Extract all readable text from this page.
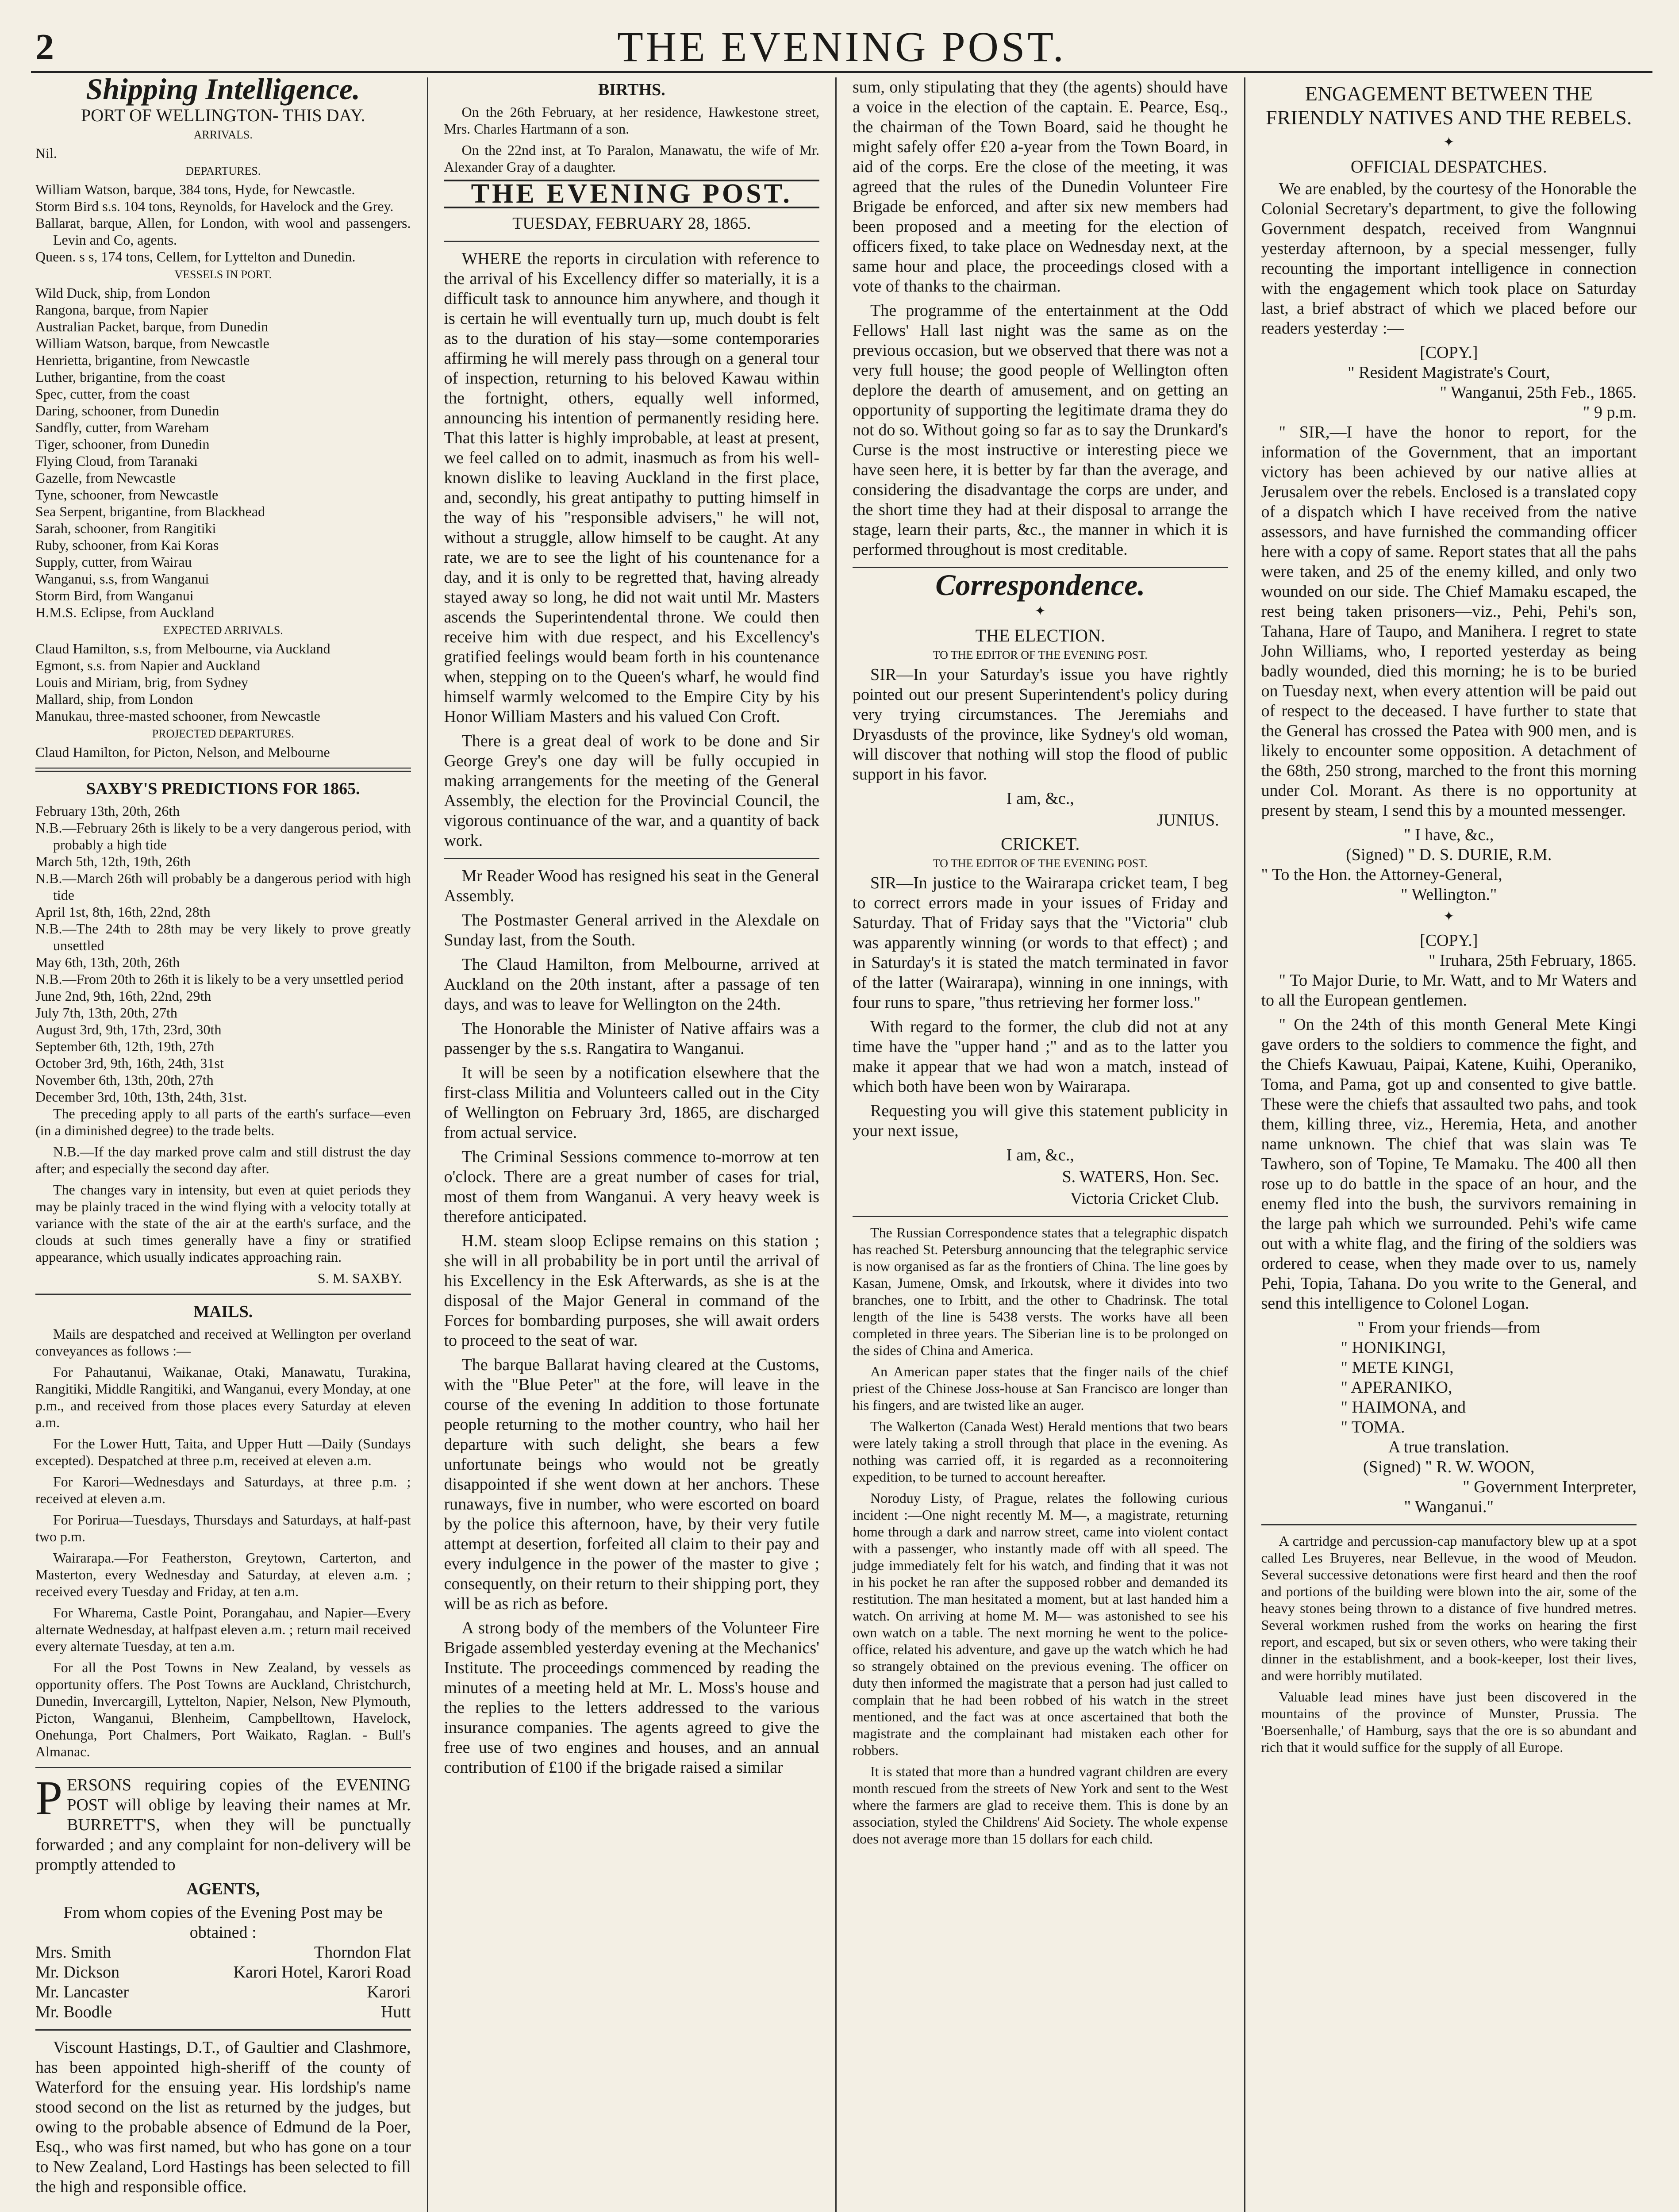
2	THE EVENING POST.
Shipping Intelligence.
PORT OF WELLINGTON- THIS DAY.
ARRIVALS.
Nil.
DEPARTURES.
William Watson, barque, 384 tons, Hyde, for Newcastle.
Storm Bird s.s. 104 tons, Reynolds, for Havelock and the Grey.
Ballarat, barque, Allen, for London, with wool and passengers. Levin and Co, agents.
Queen. s s, 174 tons, Cellem, for Lyttelton and Dunedin.
VESSELS IN PORT.
Wild Duck, ship, from London
Rangona, barque, from Napier
Australian Packet, barque, from Dunedin
William Watson, barque, from Newcastle
Henrietta, brigantine, from Newcastle
Luther, brigantine, from the coast
Spec, cutter, from the coast
Daring, schooner, from Dunedin
Sandfly, cutter, from Wareham
Tiger, schooner, from Dunedin
Flying Cloud, from Taranaki
Gazelle, from Newcastle
Tyne, schooner, from Newcastle
Sea Serpent, brigantine, from Blackhead
Sarah, schooner, from Rangitiki
Ruby, schooner, from Kai Koras
Supply, cutter, from Wairau
Wanganui, s.s, from Wanganui
Storm Bird, from Wanganui
H.M.S. Eclipse, from Auckland
EXPECTED ARRIVALS.
Claud Hamilton, s.s, from Melbourne, via Auckland
Egmont, s.s. from Napier and Auckland
Louis and Miriam, brig, from Sydney
Mallard, ship, from London
Manukau, three-masted schooner, from Newcastle
PROJECTED DEPARTURES.
Claud Hamilton, for Picton, Nelson, and Melbourne
SAXBY'S PREDICTIONS FOR 1865.
February 13th, 20th, 26th
N.B.—February 26th is likely to be a very dangerous period, with probably a high tide
March 5th, 12th, 19th, 26th
N.B.—March 26th will probably be a dangerous period with high tide
April 1st, 8th, 16th, 22nd, 28th
N.B.—The 24th to 28th may be very likely to prove greatly unsettled
May 6th, 13th, 20th, 26th
N.B.—From 20th to 26th it is likely to be a very unsettled period
June 2nd, 9th, 16th, 22nd, 29th
July 7th, 13th, 20th, 27th
August 3rd, 9th, 17th, 23rd, 30th
September 6th, 12th, 19th, 27th
October 3rd, 9th, 16th, 24th, 31st
November 6th, 13th, 20th, 27th
December 3rd, 10th, 13th, 24th, 31st.

The preceding apply to all parts of the earth's surface—even (in a diminished degree) to the trade belts.

N.B.—If the day marked prove calm and still distrust the day after; and especially the second day after.

The changes vary in intensity, but even at quiet periods they may be plainly traced in the wind flying with a velocity totally at variance with the state of the air at the earth's surface, and the clouds at such times generally have a finy or stratified appearance, which usually indicates approaching rain.

S. M. SAXBY.
MAILS.

Mails are despatched and received at Wellington per overland conveyances as follows :—

For Pahautanui, Waikanae, Otaki, Manawatu, Turakina, Rangitiki, Middle Rangitiki, and Wanganui, every Monday, at one p.m., and received from those places every Saturday at eleven a.m.

For the Lower Hutt, Taita, and Upper Hutt —Daily (Sundays excepted). Despatched at three p.m, received at eleven a.m.

For Karori—Wednesdays and Saturdays, at three p.m. ; received at eleven a.m.

For Porirua—Tuesdays, Thursdays and Saturdays, at half-past two p.m.

Wairarapa.—For Featherston, Greytown, Carterton, and Masterton, every Wednesday and Saturday, at eleven a.m. ; received every Tuesday and Friday, at ten a.m.

For Wharema, Castle Point, Porangahau, and Napier—Every alternate Wednesday, at halfpast eleven a.m. ; return mail received every alternate Tuesday, at ten a.m.

For all the Post Towns in New Zealand, by vessels as opportunity offers. The Post Towns are Auckland, Christchurch, Dunedin, Invercargill, Lyttelton, Napier, Nelson, New Plymouth, Picton, Wanganui, Blenheim, Campbelltown, Havelock, Onehunga, Port Chalmers, Port Waikato, Raglan. - Bull's Almanac.

PERSONS requiring copies of the EVENING POST will oblige by leaving their names at Mr. BURRETT'S, when they will be punctually forwarded ; and any complaint for non-delivery will be promptly attended to

AGENTS,
From whom copies of the Evening Post may be obtained :
Mrs. Smith	Thorndon Flat
Mr. Dickson	Karori Hotel, Karori Road
Mr. Lancaster	Karori
Mr. Boodle	Hutt

Viscount Hastings, D.T., of Gaultier and Clashmore, has been appointed high-sheriff of the county of Waterford for the ensuing year. His lordship's name stood second on the list as returned by the judges, but owing to the probable absence of Edmund de la Poer, Esq., who was first named, but who has gone on a tour to New Zealand, Lord Hastings has been selected to fill the high and responsible office.

BIRTHS.

On the 26th February, at her residence, Hawkestone street, Mrs. Charles Hartmann of a son.

On the 22nd inst, at To Paralon, Manawatu, the wife of Mr. Alexander Gray of a daughter.

THE EVENING POST.
TUESDAY, FEBRUARY 28, 1865.

WHERE the reports in circulation with reference to the arrival of his Excellency differ so materially, it is a difficult task to announce him anywhere, and though it is certain he will eventually turn up, much doubt is felt as to the duration of his stay—some contemporaries affirming he will merely pass through on a general tour of inspection, returning to his beloved Kawau within the fortnight, others, equally well informed, announcing his intention of permanently residing here. That this latter is highly improbable, at least at present, we feel called on to admit, inasmuch as from his well-known dislike to leaving Auckland in the first place, and, secondly, his great antipathy to putting himself in the way of his "responsible advisers," he will not, without a struggle, allow himself to be caught. At any rate, we are to see the light of his countenance for a day, and it is only to be regretted that, having already stayed away so long, he did not wait until Mr. Masters ascends the Superintendental throne. We could then receive him with due respect, and his Excellency's gratified feelings would beam forth in his countenance when, stepping on to the Queen's wharf, he would find himself warmly welcomed to the Empire City by his Honor William Masters and his valued Con Croft.

There is a great deal of work to be done and Sir George Grey's one day will be fully occupied in making arrangements for the meeting of the General Assembly, the election for the Provincial Council, the vigorous continuance of the war, and a quantity of back work.

Mr Reader Wood has resigned his seat in the General Assembly.

The Postmaster General arrived in the Alexdale on Sunday last, from the South.

The Claud Hamilton, from Melbourne, arrived at Auckland on the 20th instant, after a passage of ten days, and was to leave for Wellington on the 24th.

The Honorable the Minister of Native affairs was a passenger by the s.s. Rangatira to Wanganui.

It will be seen by a notification elsewhere that the first-class Militia and Volunteers called out in the City of Wellington on February 3rd, 1865, are discharged from actual service.

The Criminal Sessions commence to-morrow at ten o'clock. There are a great number of cases for trial, most of them from Wanganui. A very heavy week is therefore anticipated.

H.M. steam sloop Eclipse remains on this station ; she will in all probability be in port until the arrival of his Excellency in the Esk Afterwards, as she is at the disposal of the Major General in command of the Forces for bombarding purposes, she will await orders to proceed to the seat of war.

The barque Ballarat having cleared at the Customs, with the "Blue Peter" at the fore, will leave in the course of the evening In addition to those fortunate people returning to the mother country, who hail her departure with such delight, she bears a few unfortunate beings who would not be greatly disappointed if she went down at her anchors. These runaways, five in number, who were escorted on board by the police this afternoon, have, by their very futile attempt at desertion, forfeited all claim to their pay and every indulgence in the power of the master to give ; consequently, on their return to their shipping port, they will be as rich as before.

A strong body of the members of the Volunteer Fire Brigade assembled yesterday evening at the Mechanics' Institute. The proceedings commenced by reading the minutes of a meeting held at Mr. L. Moss's house and the replies to the letters addressed to the various insurance companies. The agents agreed to give the free use of two engines and houses, and an annual contribution of £100 if the brigade raised a similar

sum, only stipulating that they (the agents) should have a voice in the election of the captain. E. Pearce, Esq., the chairman of the Town Board, said he thought he might safely offer £20 a-year from the Town Board, in aid of the corps. Ere the close of the meeting, it was agreed that the rules of the Dunedin Volunteer Fire Brigade be enforced, and after six new members had been proposed and a meeting for the election of officers fixed, to take place on Wednesday next, at the same hour and place, the proceedings closed with a vote of thanks to the chairman.

The programme of the entertainment at the Odd Fellows' Hall last night was the same as on the previous occasion, but we observed that there was not a very full house; the good people of Wellington often deplore the dearth of amusement, and on getting an opportunity of supporting the legitimate drama they do not do so. Without going so far as to say the Drunkard's Curse is the most instructive or interesting piece we have seen here, it is better by far than the average, and considering the disadvantage the corps are under, and the short time they had at their disposal to arrange the stage, learn their parts, &c., the manner in which it is performed throughout is most creditable.

Correspondence.
✦
THE ELECTION.
TO THE EDITOR OF THE EVENING POST.

SIR—In your Saturday's issue you have rightly pointed out our present Superintendent's policy during very trying circumstances. The Jeremiahs and Dryasdusts of the province, like Sydney's old woman, will discover that nothing will stop the flood of public support in his favor.

I am, &c.,
JUNIUS.
CRICKET.
TO THE EDITOR OF THE EVENING POST.

SIR—In justice to the Wairarapa cricket team, I beg to correct errors made in your issues of Friday and Saturday. That of Friday says that the "Victoria" club was apparently winning (or words to that effect) ; and in Saturday's it is stated the match terminated in favor of the latter (Wairarapa), winning in one innings, with four runs to spare, "thus retrieving her former loss."

With regard to the former, the club did not at any time have the "upper hand ;" and as to the latter you make it appear that we had won a match, instead of which both have been won by Wairarapa.

Requesting you will give this statement publicity in your next issue,

I am, &c.,
S. WATERS, Hon. Sec.
Victoria Cricket Club.

The Russian Correspondence states that a telegraphic dispatch has reached St. Petersburg announcing that the telegraphic service is now organised as far as the frontiers of China. The line goes by Kasan, Jumene, Omsk, and Irkoutsk, where it divides into two branches, one to Irbitt, and the other to Chadrinsk. The total length of the line is 5438 versts. The works have all been completed in three years. The Siberian line is to be prolonged on the sides of China and America.

An American paper states that the finger nails of the chief priest of the Chinese Joss-house at San Francisco are longer than his fingers, and are twisted like an auger.

The Walkerton (Canada West) Herald mentions that two bears were lately taking a stroll through that place in the evening. As nothing was carried off, it is regarded as a reconnoitering expedition, to be turned to account hereafter.

Noroduy Listy, of Prague, relates the following curious incident :—One night recently M. M—, a magistrate, returning home through a dark and narrow street, came into violent contact with a passenger, who instantly made off with all speed. The judge immediately felt for his watch, and finding that it was not in his pocket he ran after the supposed robber and demanded its restitution. The man hesitated a moment, but at last handed him a watch. On arriving at home M. M— was astonished to see his own watch on a table. The next morning he went to the police-office, related his adventure, and gave up the watch which he had so strangely obtained on the previous evening. The officer on duty then informed the magistrate that a person had just called to complain that he had been robbed of his watch in the street mentioned, and the fact was at once ascertained that both the magistrate and the complainant had mistaken each other for robbers.

It is stated that more than a hundred vagrant children are every month rescued from the streets of New York and sent to the West where the farmers are glad to receive them. This is done by an association, styled the Childrens' Aid Society. The whole expense does not average more than 15 dollars for each child.

ENGAGEMENT BETWEEN THE FRIENDLY NATIVES AND THE REBELS.
✦
OFFICIAL DESPATCHES.

We are enabled, by the courtesy of the Honorable the Colonial Secretary's department, to give the following Government despatch, received from Wangnnui yesterday afternoon, by a special messenger, fully recounting the important intelligence in connection with the engagement which took place on Saturday last, a brief abstract of which we placed before our readers yesterday :—

[COPY.]
" Resident Magistrate's Court,
" Wanganui, 25th Feb., 1865.
" 9 p.m.

" SIR,—I have the honor to report, for the information of the Government, that an important victory has been achieved by our native allies at Jerusalem over the rebels. Enclosed is a translated copy of a dispatch which I have received from the native assessors, and have furnished the commanding officer here with a copy of same. Report states that all the pahs were taken, and 25 of the enemy killed, and only two wounded on our side. The Chief Mamaku escaped, the rest being taken prisoners—viz., Pehi, Pehi's son, Tahana, Hare of Taupo, and Manihera. I regret to state John Williams, who, I reported yesterday as being badly wounded, died this morning; he is to be buried on Tuesday next, when every attention will be paid out of respect to the deceased. I have further to state that the General has crossed the Patea with 900 men, and is likely to encounter some opposition. A detachment of the 68th, 250 strong, marched to the front this morning under Col. Morant. As there is no opportunity at present by steam, I send this by a mounted messenger.

" I have, &c.,
(Signed) " D. S. DURIE, R.M.
" To the Hon. the Attorney-General,
" Wellington."
✦
[COPY.]
" Iruhara, 25th February, 1865.

" To Major Durie, to Mr. Watt, and to Mr Waters and to all the European gentlemen.

" On the 24th of this month General Mete Kingi gave orders to the soldiers to commence the fight, and the Chiefs Kawuau, Paipai, Katene, Kuihi, Operaniko, Toma, and Pama, got up and consented to give battle. These were the chiefs that assaulted two pahs, and took them, killing three, viz., Heremia, Heta, and another name unknown. The chief that was slain was Te Tawhero, son of Topine, Te Mamaku. The 400 all then rose up to do battle in the space of an hour, and the enemy fled into the bush, the survivors remaining in the large pah which we surrounded. Pehi's wife came out with a white flag, and the firing of the soldiers was ordered to cease, when they made over to us, namely Pehi, Topia, Tahana. Do you write to the General, and send this intelligence to Colonel Logan.

" From your friends—from
" HONIKINGI,
" METE KINGI,
" APERANIKO,
" HAIMONA, and
" TOMA.
A true translation.
(Signed) " R. W. WOON,
" Government Interpreter,
" Wanganui."

A cartridge and percussion-cap manufactory blew up at a spot called Les Bruyeres, near Bellevue, in the wood of Meudon. Several successive detonations were first heard and then the roof and portions of the building were blown into the air, some of the heavy stones being thrown to a distance of five hundred metres. Several workmen rushed from the works on hearing the first report, and escaped, but six or seven others, who were taking their dinner in the establishment, and a book-keeper, lost their lives, and were horribly mutilated.

Valuable lead mines have just been discovered in the mountains of the province of Munster, Prussia. The 'Boersenhalle,' of Hamburg, says that the ore is so abundant and rich that it would suffice for the supply of all Europe.
